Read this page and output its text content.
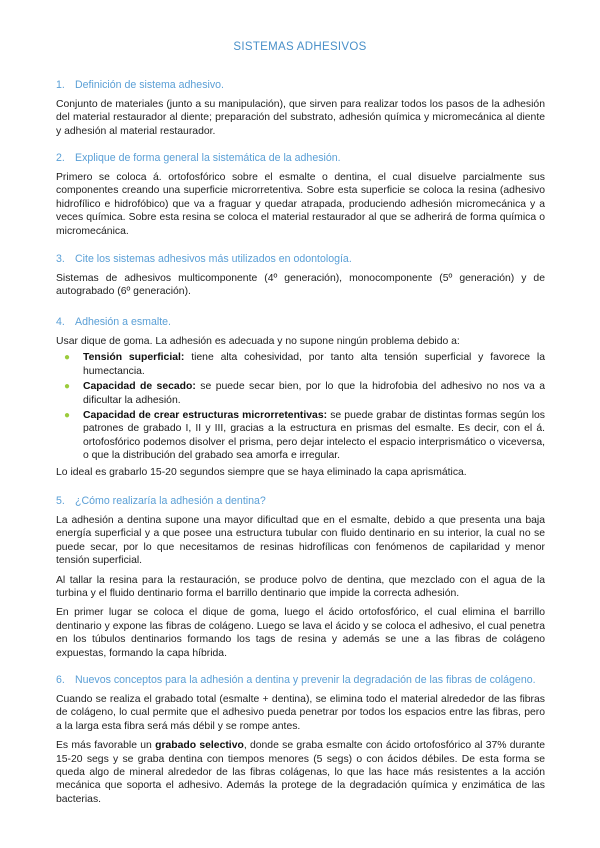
SISTEMAS ADHESIVOS
1. Definición de sistema adhesivo.

Conjunto de materiales (junto a su manipulación), que sirven para realizar todos los pasos de la adhesión del material restaurador al diente; preparación del substrato, adhesión química y micromecánica al diente y adhesión al material restaurador.

2. Explique de forma general la sistemática de la adhesión.

Primero se coloca á. ortofosfórico sobre el esmalte o dentina, el cual disuelve parcialmente sus componentes creando una superficie microrretentiva. Sobre esta superficie se coloca la resina (adhesivo hidrofílico e hidrofóbico) que va a fraguar y quedar atrapada, produciendo adhesión micromecánica y a veces química. Sobre esta resina se coloca el material restaurador al que se adherirá de forma química o micromecánica.

3. Cite los sistemas adhesivos más utilizados en odontología.

Sistemas de adhesivos multicomponente (4º generación), monocomponente (5º generación) y de autograbado (6º generación).

4. Adhesión a esmalte.

Usar dique de goma. La adhesión es adecuada y no supone ningún problema debido a:

● Tensión superficial: tiene alta cohesividad, por tanto alta tensión superficial y favorece la humectancia.
● Capacidad de secado: se puede secar bien, por lo que la hidrofobia del adhesivo no nos va a dificultar la adhesión.
● Capacidad de crear estructuras microrretentivas: se puede grabar de distintas formas según los patrones de grabado I, II y III, gracias a la estructura en prismas del esmalte. Es decir, con el á. ortofosfórico podemos disolver el prisma, pero dejar intelecto el espacio interprismático o viceversa, o que la distribución del grabado sea amorfa e irregular.

Lo ideal es grabarlo 15-20 segundos siempre que se haya eliminado la capa aprismática.

5. ¿Cómo realizaría la adhesión a dentina?

La adhesión a dentina supone una mayor dificultad que en el esmalte, debido a que presenta una baja energía superficial y a que posee una estructura tubular con fluido dentinario en su interior, la cual no se puede secar, por lo que necesitamos de resinas hidrofílicas con fenómenos de capilaridad y menor tensión superficial.

Al tallar la resina para la restauración, se produce polvo de dentina, que mezclado con el agua de la turbina y el fluido dentinario forma el barrillo dentinario que impide la correcta adhesión.

En primer lugar se coloca el dique de goma, luego el ácido ortofosfórico, el cual elimina el barrillo dentinario y expone las fibras de colágeno. Luego se lava el ácido y se coloca el adhesivo, el cual penetra en los túbulos dentinarios formando los tags de resina y además se une a las fibras de colágeno expuestas, formando la capa híbrida.

6. Nuevos conceptos para la adhesión a dentina y prevenir la degradación de las fibras de colágeno.

Cuando se realiza el grabado total (esmalte + dentina), se elimina todo el material alrededor de las fibras de colágeno, lo cual permite que el adhesivo pueda penetrar por todos los espacios entre las fibras, pero a la larga esta fibra será más débil y se rompe antes.

Es más favorable un grabado selectivo, donde se graba esmalte con ácido ortofosfórico al 37% durante 15-20 segs y se graba dentina con tiempos menores (5 segs) o con ácidos débiles. De esta forma se queda algo de mineral alrededor de las fibras colágenas, lo que las hace más resistentes a la acción mecánica que soporta el adhesivo. Además la protege de la degradación química y enzimática de las bacterias.
